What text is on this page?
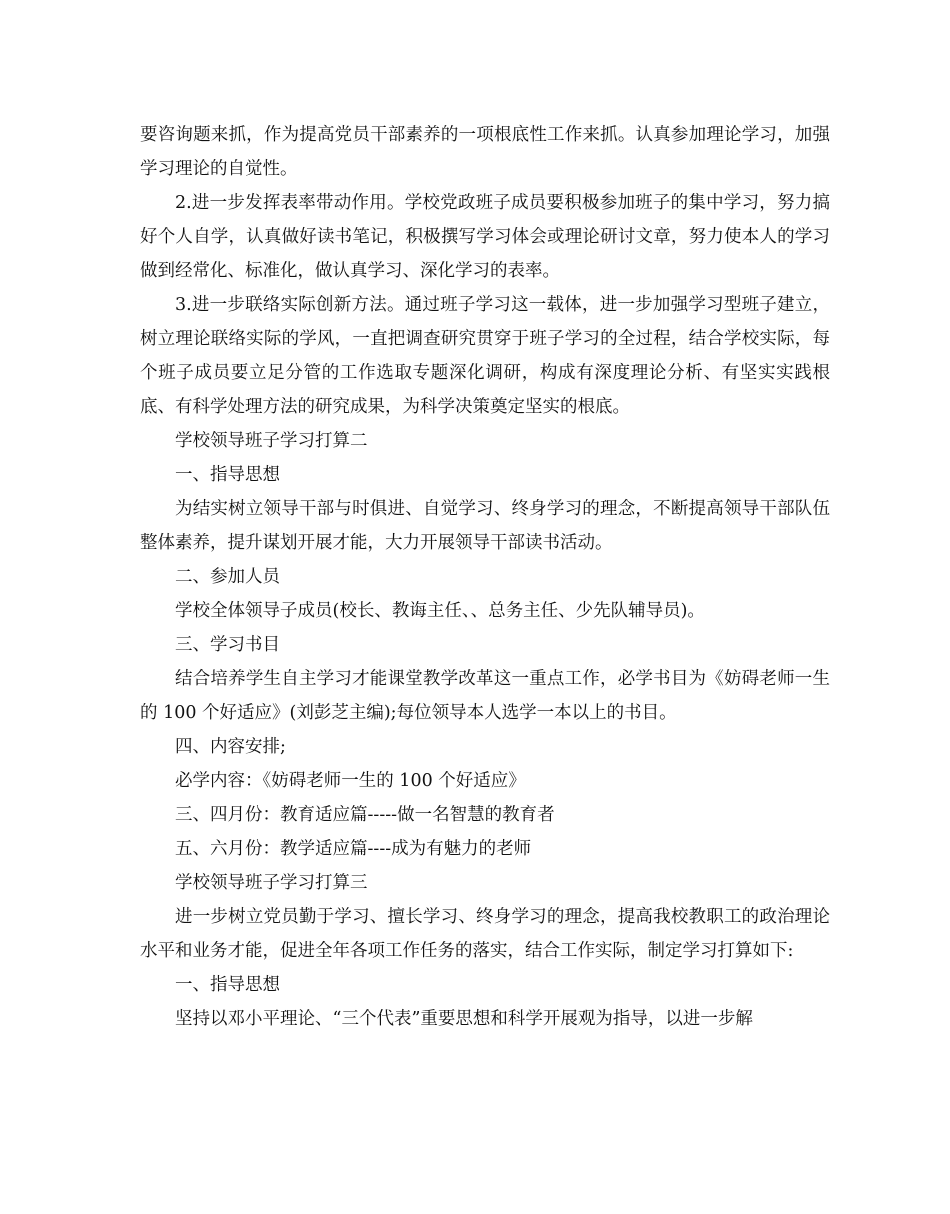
要咨询题来抓，作为提高党员干部素养的一项根底性工作来抓。认真参加理论学习，加强学习理论的自觉性。

2.进一步发挥表率带动作用。学校党政班子成员要积极参加班子的集中学习，努力搞好个人自学，认真做好读书笔记，积极撰写学习体会或理论研讨文章，努力使本人的学习做到经常化、标准化，做认真学习、深化学习的表率。

3.进一步联络实际创新方法。通过班子学习这一载体，进一步加强学习型班子建立，树立理论联络实际的学风，一直把调查研究贯穿于班子学习的全过程，结合学校实际，每个班子成员要立足分管的工作选取专题深化调研，构成有深度理论分析、有坚实实践根底、有科学处理方法的研究成果，为科学决策奠定坚实的根底。

学校领导班子学习打算二

一、指导思想

为结实树立领导干部与时俱进、自觉学习、终身学习的理念，不断提高领导干部队伍整体素养，提升谋划开展才能，大力开展领导干部读书活动。

二、参加人员

学校全体领导子成员(校长、教诲主任、、总务主任、少先队辅导员)。

三、学习书目

结合培养学生自主学习才能课堂教学改革这一重点工作，必学书目为《妨碍老师一生的 100 个好适应》(刘彭芝主编);每位领导本人选学一本以上的书目。

四、内容安排;

必学内容：《妨碍老师一生的 100 个好适应》

三、四月份：教育适应篇-----做一名智慧的教育者

五、六月份：教学适应篇----成为有魅力的老师

学校领导班子学习打算三

进一步树立党员勤于学习、擅长学习、终身学习的理念，提高我校教职工的政治理论水平和业务才能，促进全年各项工作任务的落实，结合工作实际，制定学习打算如下:

一、指导思想

坚持以邓小平理论、“三个代表”重要思想和科学开展观为指导，以进一步解
